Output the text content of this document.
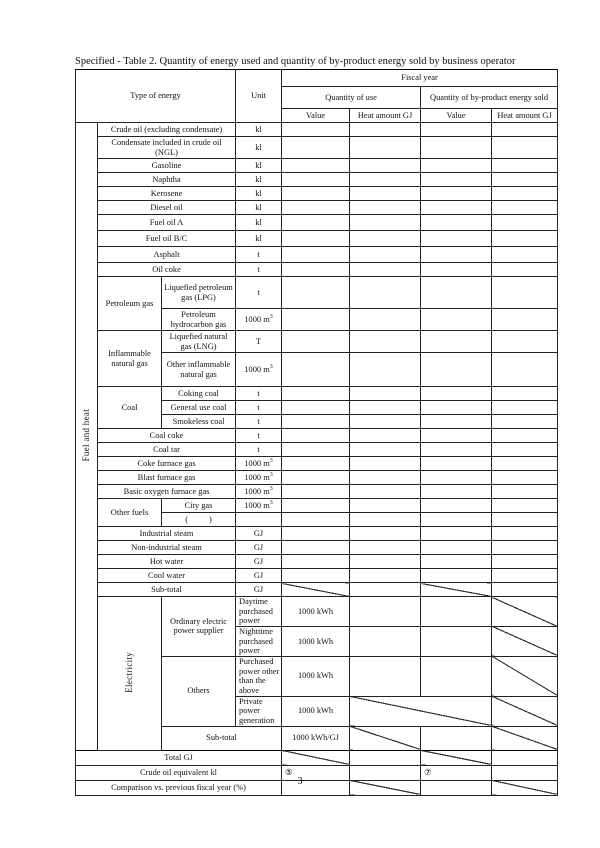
Specified - Table 2. Quantity of energy used and quantity of by-product energy sold by business operator
Type of energy			Unit	Fiscal year				
				Quantity of use		Quantity of by-product energy sold		
				Value	Heat amount GJ	Value	Heat amount GJ	
Fuel and heat	Crude oil (excluding condensate)		kl					
	Condensate included in crude oil (NGL)		kl					
	Gasoline		kl					
	Naphtha		kl					
	Kerosene		kl					
	Diesel oil		kl					
	Fuel oil A		kl					
	Fuel oil B/C		kl					
	Asphalt		t					
	Oil coke		t					
	Petroleum gas	Liquefied petroleum gas (LPG)	t					
		Petroleum hydrocarbon gas	1000 $m^3$				
	Inflammable natural gas	Liquefied natural gas (LNG)	T					
		Other inflammable natural gas	1000 $m^3$				
	Coal	Coking coal	t					
		General use coal	t					
		Smokeless coal	t					
	Coal coke		t					
	Coal tar		t					
	Coke furnace gas		1000 $m^3$				
	Blast furnace gas		1000 $m^3$				
	Basic oxygen furnace gas		1000 $m^3$				
	Other fuels	City gas	1000 $m^3$				
		(          )						
	Industrial steam		GJ					
	Non-industrial steam		GJ					
	Hot water		GJ					
	Cool water		GJ					
	Sub-total		GJ					
	Electricity	Ordinary electric power supplier	Daytime purchased power	1000 kWh				
			Nighttime purchased power	1000 kWh				
		Others	Purchased power other than the above	1000 kWh				
			Private power generation	1000 kWh				
		Sub-total		1000 kWh/GJ				

Total GJ								
Crude oil equivalent kl				⑤		⑦		
Comparison vs. previous fiscal year (%)								
3
